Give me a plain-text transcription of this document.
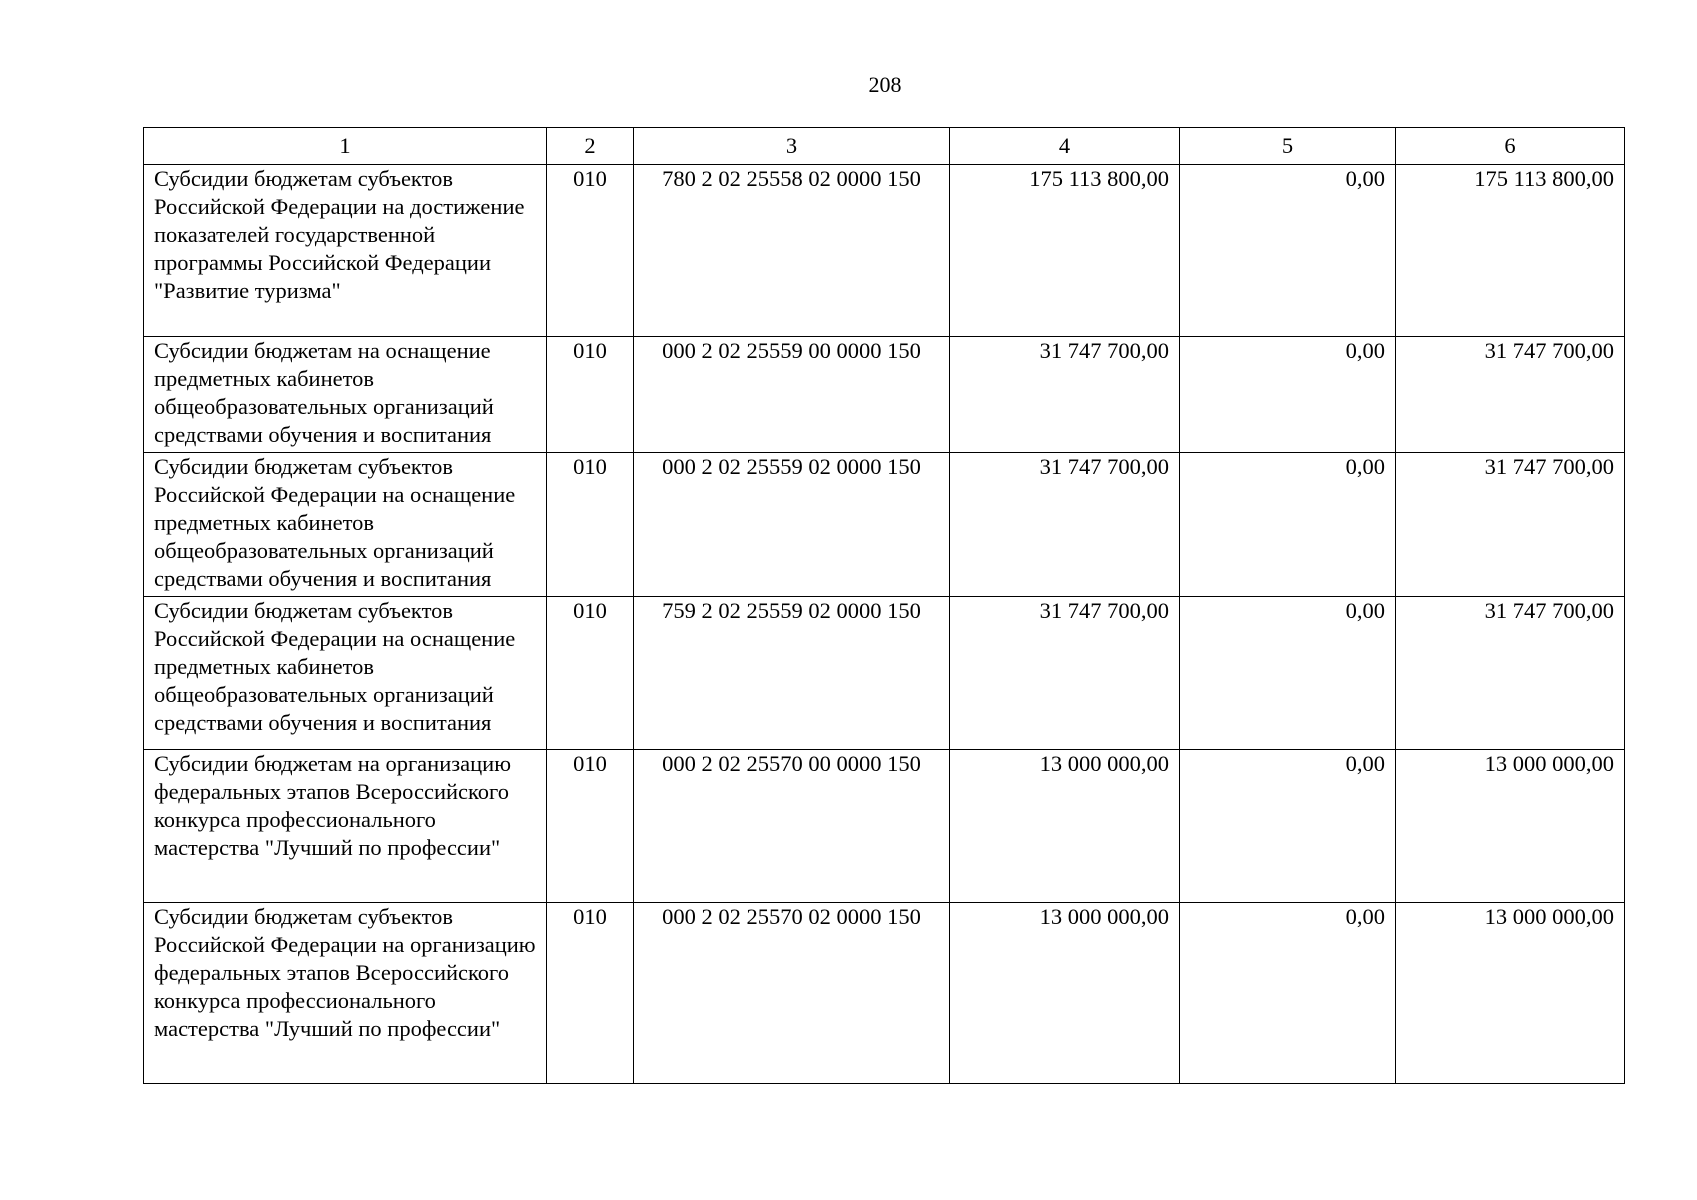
208
1	2	3	4	5	6
Субсидии бюджетам субъектов Российской Федерации на достижение показателей государственной программы Российской Федерации "Развитие туризма"	010	780 2 02 25558 02 0000 150	175 113 800,00	0,00	175 113 800,00
Субсидии бюджетам на оснащение предметных кабинетов общеобразовательных организаций средствами обучения и воспитания	010	000 2 02 25559 00 0000 150	31 747 700,00	0,00	31 747 700,00
Субсидии бюджетам субъектов Российской Федерации на оснащение предметных кабинетов общеобразовательных организаций средствами обучения и воспитания	010	000 2 02 25559 02 0000 150	31 747 700,00	0,00	31 747 700,00
Субсидии бюджетам субъектов Российской Федерации на оснащение предметных кабинетов общеобразовательных организаций средствами обучения и воспитания	010	759 2 02 25559 02 0000 150	31 747 700,00	0,00	31 747 700,00
Субсидии бюджетам на организацию федеральных этапов Всероссийского конкурса профессионального мастерства "Лучший по профессии"	010	000 2 02 25570 00 0000 150	13 000 000,00	0,00	13 000 000,00
Субсидии бюджетам субъектов Российской Федерации на организацию федеральных этапов Всероссийского конкурса профессионального мастерства "Лучший по профессии"	010	000 2 02 25570 02 0000 150	13 000 000,00	0,00	13 000 000,00
